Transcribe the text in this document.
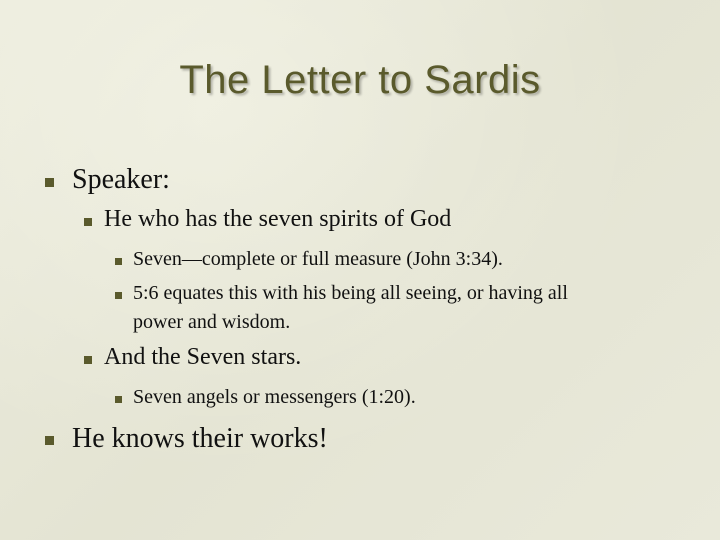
The Letter to Sardis
Speaker:
He who has the seven spirits of God
Seven—complete or full measure (John 3:34).
5:6 equates this with his being all seeing, or having all
power and wisdom.
And the Seven stars.
Seven angels or messengers (1:20).
He knows their works!
